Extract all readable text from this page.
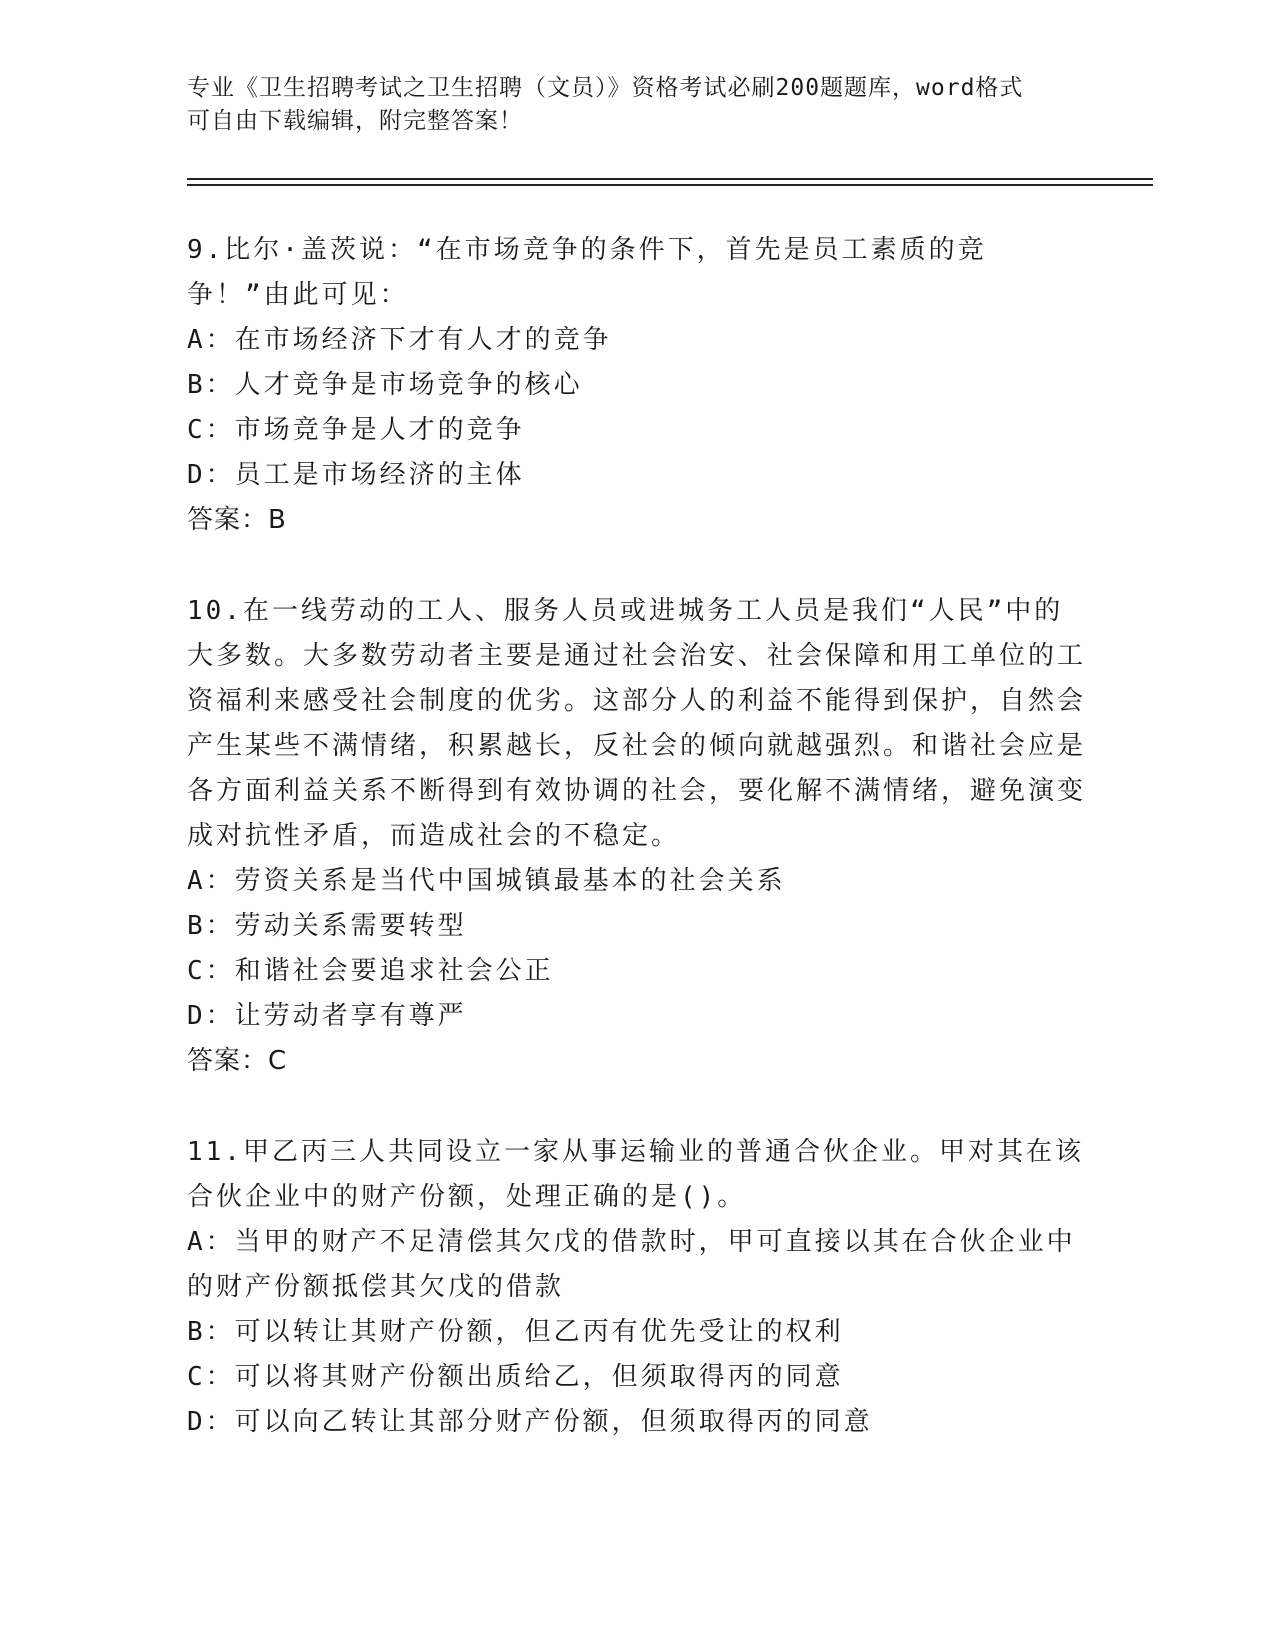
专业《卫生招聘考试之卫生招聘（文员）》资格考试必刷200题题库，word格式
可自由下载编辑，附完整答案！

9.比尔·盖茨说：“在市场竞争的条件下，首先是员工素质的竞争！”由此可见：

A：在市场经济下才有人才的竞争

B：人才竞争是市场竞争的核心

C：市场竞争是人才的竞争

D：员工是市场经济的主体

答案：B

10.在一线劳动的工人、服务人员或进城务工人员是我们“人民”中的大多数。大多数劳动者主要是通过社会治安、社会保障和用工单位的工资福利来感受社会制度的优劣。这部分人的利益不能得到保护，自然会产生某些不满情绪，积累越长，反社会的倾向就越强烈。和谐社会应是各方面利益关系不断得到有效协调的社会，要化解不满情绪，避免演变成对抗性矛盾，而造成社会的不稳定。

A：劳资关系是当代中国城镇最基本的社会关系

B：劳动关系需要转型

C：和谐社会要追求社会公正

D：让劳动者享有尊严

答案：C

11.甲乙丙三人共同设立一家从事运输业的普通合伙企业。甲对其在该合伙企业中的财产份额，处理正确的是()。

A：当甲的财产不足清偿其欠戊的借款时，甲可直接以其在合伙企业中的财产份额抵偿其欠戊的借款

B：可以转让其财产份额，但乙丙有优先受让的权利

C：可以将其财产份额出质给乙，但须取得丙的同意

D：可以向乙转让其部分财产份额，但须取得丙的同意
